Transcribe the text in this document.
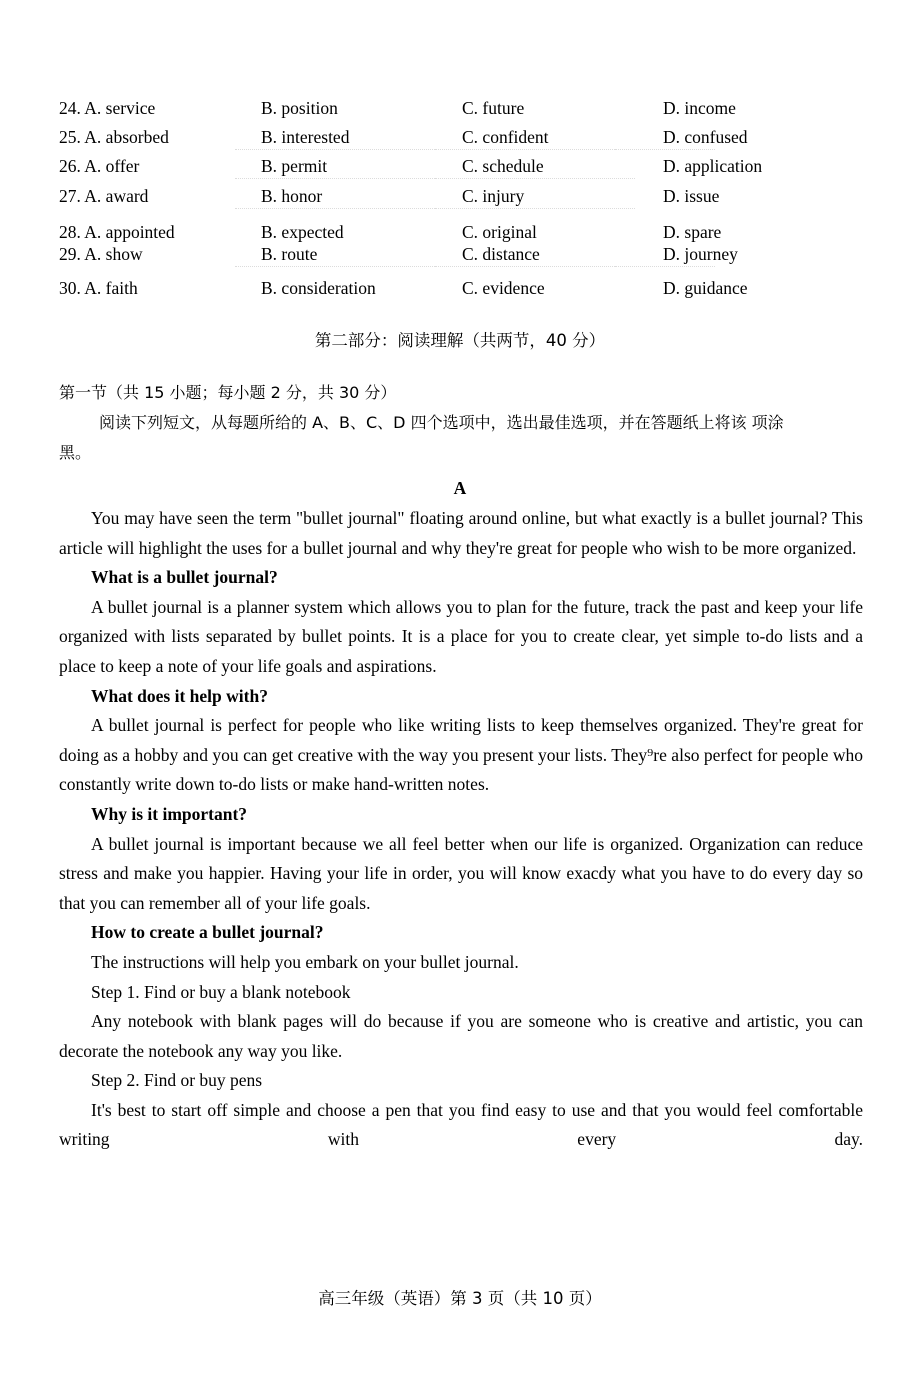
24. A. service	B. position	C. future	D. income
25. A. absorbed	B. interested	C. confident	D. confused
26. A. offer	B. permit	C. schedule	D. application
27. A. award	B. honor	C. injury	D. issue
28. A. appointed	B. expected	C. original	D. spare
29. A. show	B. route	C. distance	D. journey
30. A. faith	B. consideration	C. evidence	D. guidance
第二部分：阅读理解（共两节，40 分）
第一节（共 15 小题；每小题 2 分，共 30 分）
阅读下列短文，从每题所给的 A、B、C、D 四个选项中，选出最佳选项，并在答题纸上将该 项涂
黑。
A

You may have seen the term "bullet journal" floating around online, but what exactly is a bullet journal? This article will highlight the uses for a bullet journal and why they're great for people who wish to be more organized.

What is a bullet journal?

A bullet journal is a planner system which allows you to plan for the future, track the past and keep your life organized with lists separated by bullet points. It is a place for you to create clear, yet simple to-do lists and a place to keep a note of your life goals and aspirations.

What does it help with?

A bullet journal is perfect for people who like writing lists to keep themselves organized. They're great for doing as a hobby and you can get creative with the way you present your lists. They⁹re also perfect for people who constantly write down to-do lists or make hand-written notes.

Why is it important?

A bullet journal is important because we all feel better when our life is organized. Organization can reduce stress and make you happier. Having your life in order, you will know exacdy what you have to do every day so that you can remember all of your life goals.

How to create a bullet journal?

The instructions will help you embark on your bullet journal.

Step 1. Find or buy a blank notebook

Any notebook with blank pages will do because if you are someone who is creative and artistic, you can decorate the notebook any way you like.

Step 2. Find or buy pens

It's best to start off simple and choose a pen that you find easy to use and that you would feel comfortable writing with every day.

高三年级（英语）第 3 页（共 10 页）
